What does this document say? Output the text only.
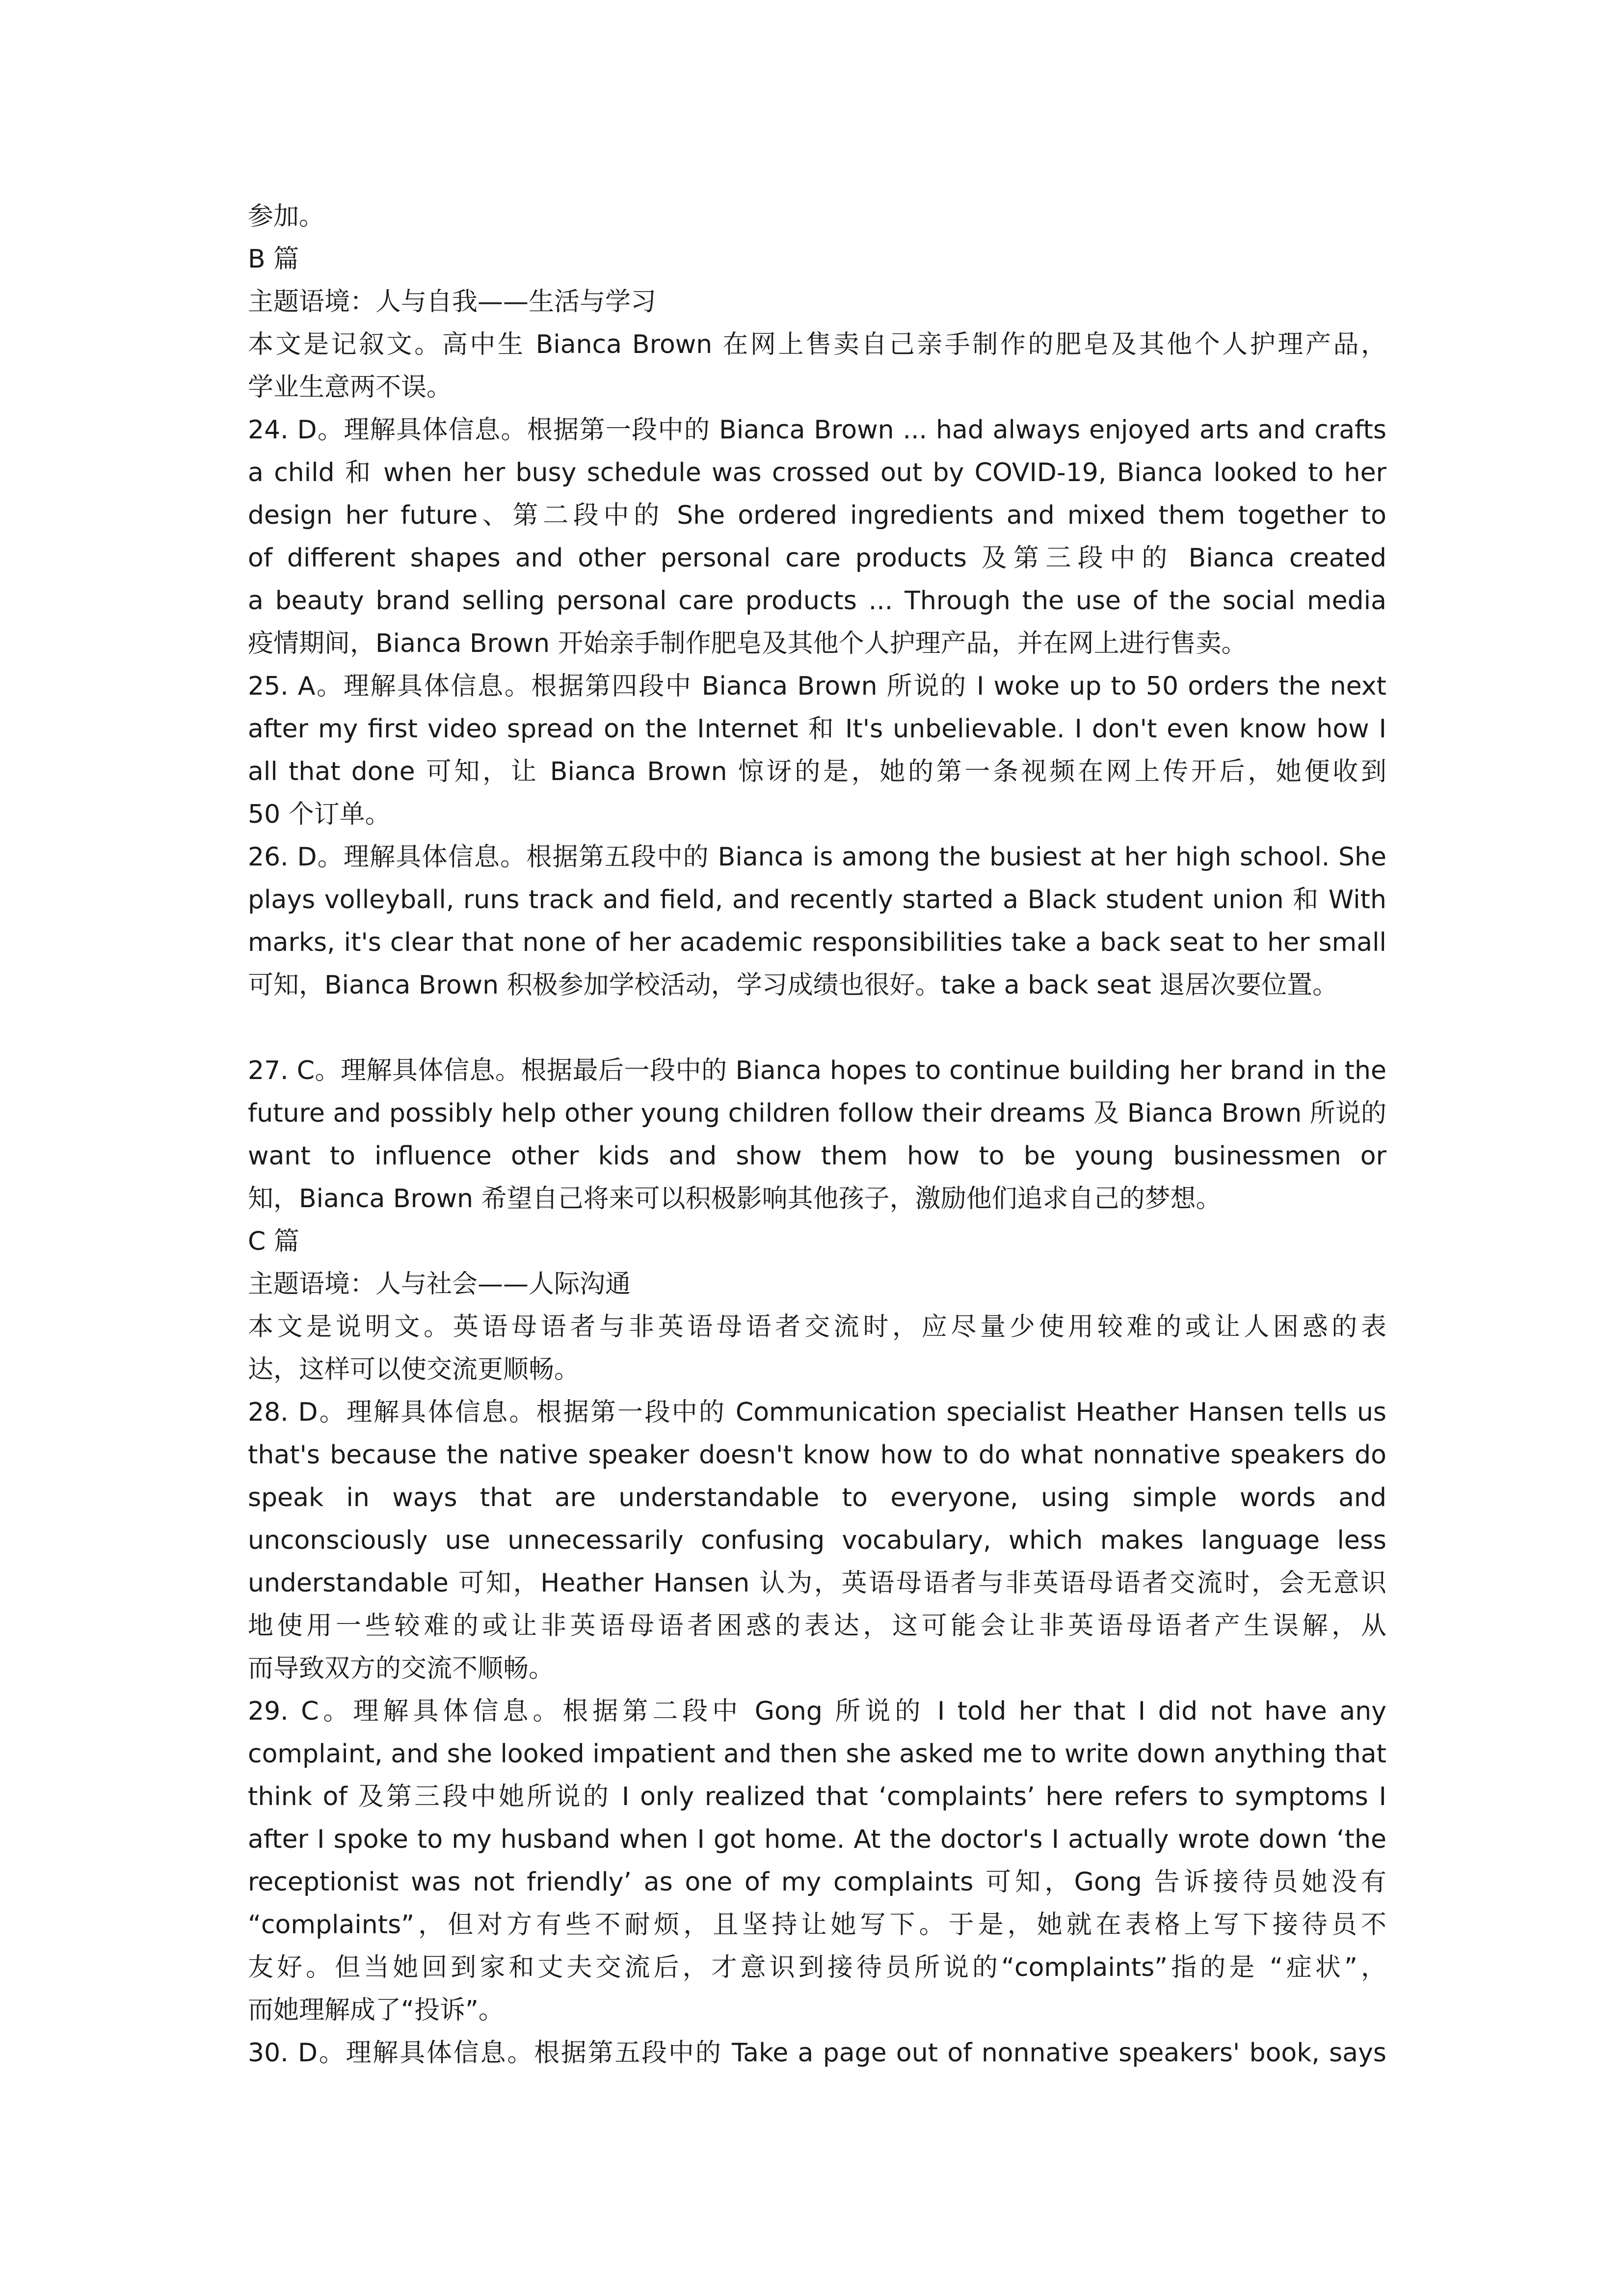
参加。
B 篇
主题语境：人与自我——生活与学习
本文是记叙文。高中生 Bianca Brown 在网上售卖自己亲手制作的肥皂及其他个人护理产品，
学业生意两不误。
24. D。理解具体信息。根据第一段中的 Bianca Brown ... had always enjoyed arts and crafts
a child 和 when her busy schedule was crossed out by COVID-19, Bianca looked to her
design her future、第二段中的 She ordered ingredients and mixed them together to
of different shapes and other personal care products 及第三段中的 Bianca created
a beauty brand selling personal care products ... Through the use of the social media
疫情期间，Bianca Brown 开始亲手制作肥皂及其他个人护理产品，并在网上进行售卖。
25. A。理解具体信息。根据第四段中 Bianca Brown 所说的 I woke up to 50 orders the next
after my first video spread on the Internet 和 It's unbelievable. I don't even know how I
all that done 可知，让 Bianca Brown 惊讶的是，她的第一条视频在网上传开后，她便收到
50 个订单。
26. D。理解具体信息。根据第五段中的 Bianca is among the busiest at her high school. She
plays volleyball, runs track and field, and recently started a Black student union 和 With
marks, it's clear that none of her academic responsibilities take a back seat to her small
可知，Bianca Brown 积极参加学校活动，学习成绩也很好。take a back seat 退居次要位置。
27. C。理解具体信息。根据最后一段中的 Bianca hopes to continue building her brand in the
future and possibly help other young children follow their dreams 及 Bianca Brown 所说的
want to influence other kids and show them how to be young businessmen or
知，Bianca Brown 希望自己将来可以积极影响其他孩子，激励他们追求自己的梦想。
C 篇
主题语境：人与社会——人际沟通
本文是说明文。英语母语者与非英语母语者交流时，应尽量少使用较难的或让人困惑的表
达，这样可以使交流更顺畅。
28. D。理解具体信息。根据第一段中的 Communication specialist Heather Hansen tells us
that's because the native speaker doesn't know how to do what nonnative speakers do
speak in ways that are understandable to everyone, using simple words and
unconsciously use unnecessarily confusing vocabulary, which makes language less
understandable 可知，Heather Hansen 认为，英语母语者与非英语母语者交流时，会无意识
地使用一些较难的或让非英语母语者困惑的表达，这可能会让非英语母语者产生误解，从
而导致双方的交流不顺畅。
29. C。理解具体信息。根据第二段中 Gong 所说的 I told her that I did not have any
complaint, and she looked impatient and then she asked me to write down anything that
think of 及第三段中她所说的 I only realized that ‘complaints’ here refers to symptoms I
after I spoke to my husband when I got home. At the doctor's I actually wrote down ‘the
receptionist was not friendly’ as one of my complaints 可知，Gong 告诉接待员她没有
“complaints”，但对方有些不耐烦，且坚持让她写下。于是，她就在表格上写下接待员不
友好。但当她回到家和丈夫交流后，才意识到接待员所说的“complaints”指的是 “症状”，
而她理解成了“投诉”。
30. D。理解具体信息。根据第五段中的 Take a page out of nonnative speakers' book, says
